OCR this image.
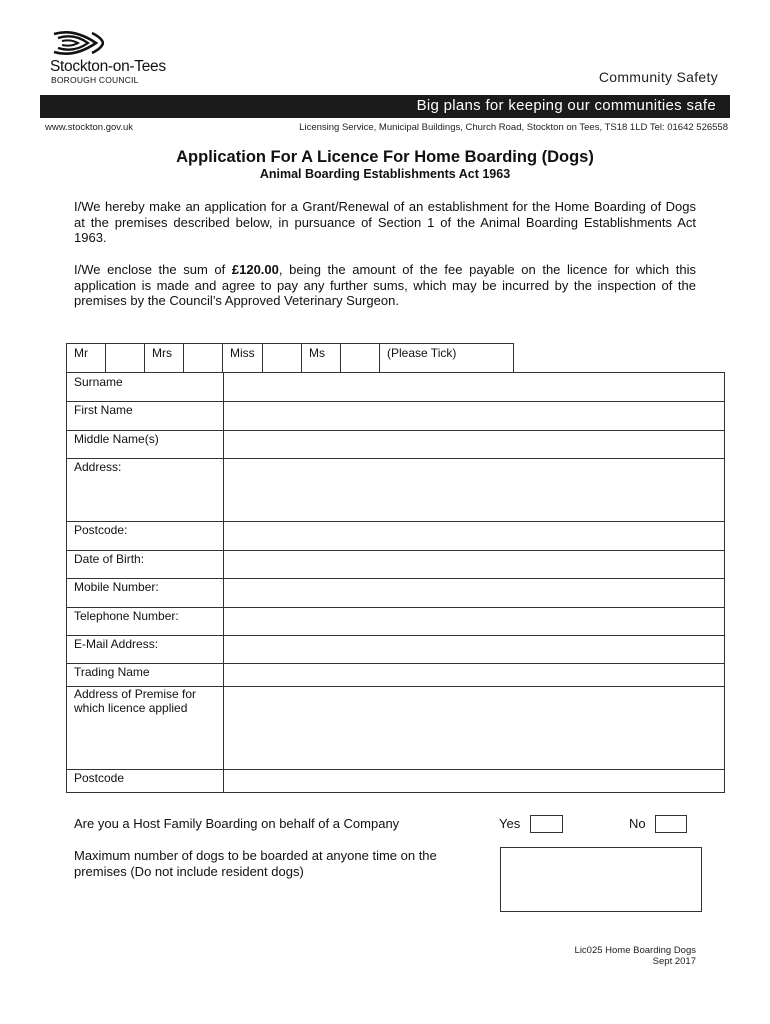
Stockton-on-Tees
BOROUGH COUNCIL	Community Safety
Big plans for keeping our communities safe
www.stockton.gov.uk	Licensing Service, Municipal Buildings, Church Road, Stockton on Tees, TS18 1LD Tel: 01642 526558
Application For A Licence For Home Boarding (Dogs)
Animal Boarding Establishments Act 1963
I/We hereby make an application for a Grant/Renewal of an establishment for the Home Boarding of Dogs at the premises described below, in pursuance of Section 1 of the Animal Boarding Establishments Act 1963.
I/We enclose the sum of £120.00, being the amount of the fee payable on the licence for which this application is made and agree to pay any further sums, which may be incurred by the inspection of the premises by the Council’s Approved Veterinary Surgeon.
Mr	Mrs	Miss	Ms	(Please Tick)
Surname
First Name
Middle Name(s)
Address:
Postcode:
Date of Birth:
Mobile Number:
Telephone Number:
E-Mail Address:
Trading Name
Address of Premise for which licence applied
Postcode
Are you a Host Family Boarding on behalf of a Company	Yes	No
Maximum number of dogs to be boarded at anyone time on the premises (Do not include resident dogs)
Lic025 Home Boarding Dogs
Sept 2017
